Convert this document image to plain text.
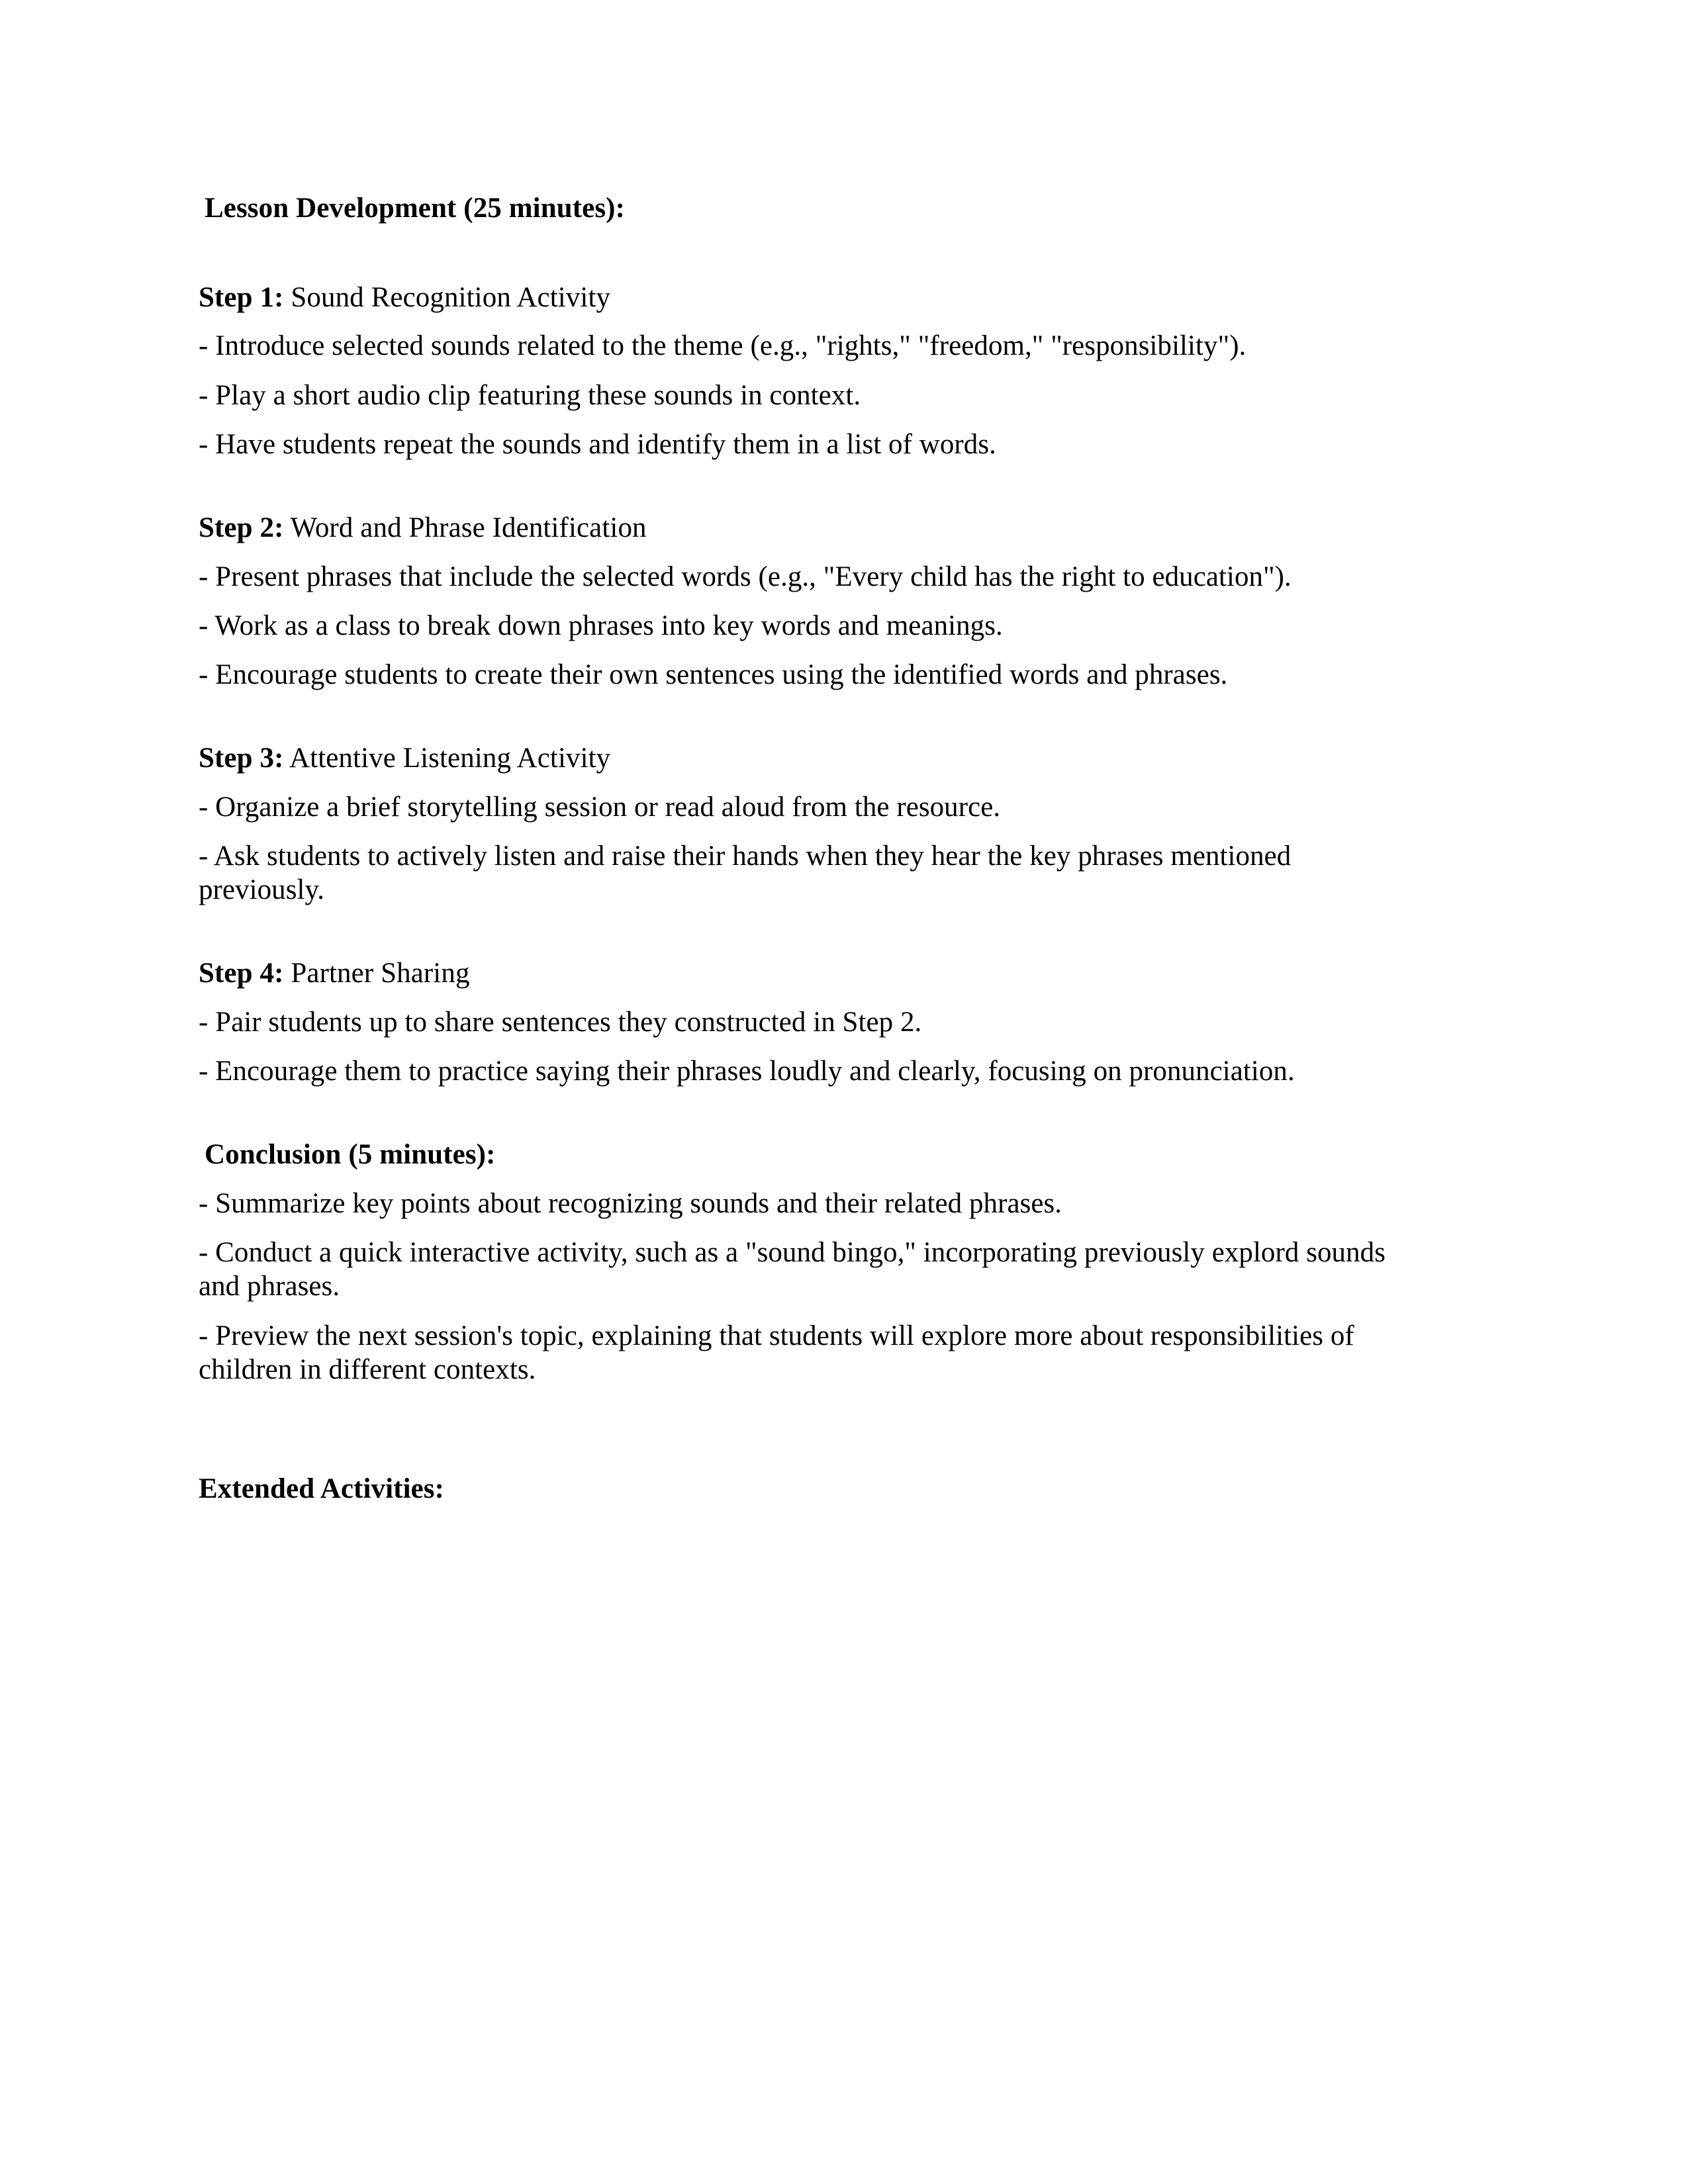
Lesson Development (25 minutes):

Step 1: Sound Recognition Activity

- Introduce selected sounds related to the theme (e.g., "rights," "freedom," "responsibility").

- Play a short audio clip featuring these sounds in context.

- Have students repeat the sounds and identify them in a list of words.

Step 2: Word and Phrase Identification

- Present phrases that include the selected words (e.g., "Every child has the right to education").

- Work as a class to break down phrases into key words and meanings.

- Encourage students to create their own sentences using the identified words and phrases.

Step 3: Attentive Listening Activity

- Organize a brief storytelling session or read aloud from the resource.

- Ask students to actively listen and raise their hands when they hear the key phrases mentioned previously.

Step 4: Partner Sharing

- Pair students up to share sentences they constructed in Step 2.

- Encourage them to practice saying their phrases loudly and clearly, focusing on pronunciation.

Conclusion (5 minutes):

- Summarize key points about recognizing sounds and their related phrases.

- Conduct a quick interactive activity, such as a "sound bingo," incorporating previously explord sounds and phrases.

- Preview the next session's topic, explaining that students will explore more about responsibilities of children in different contexts.

Extended Activities:
